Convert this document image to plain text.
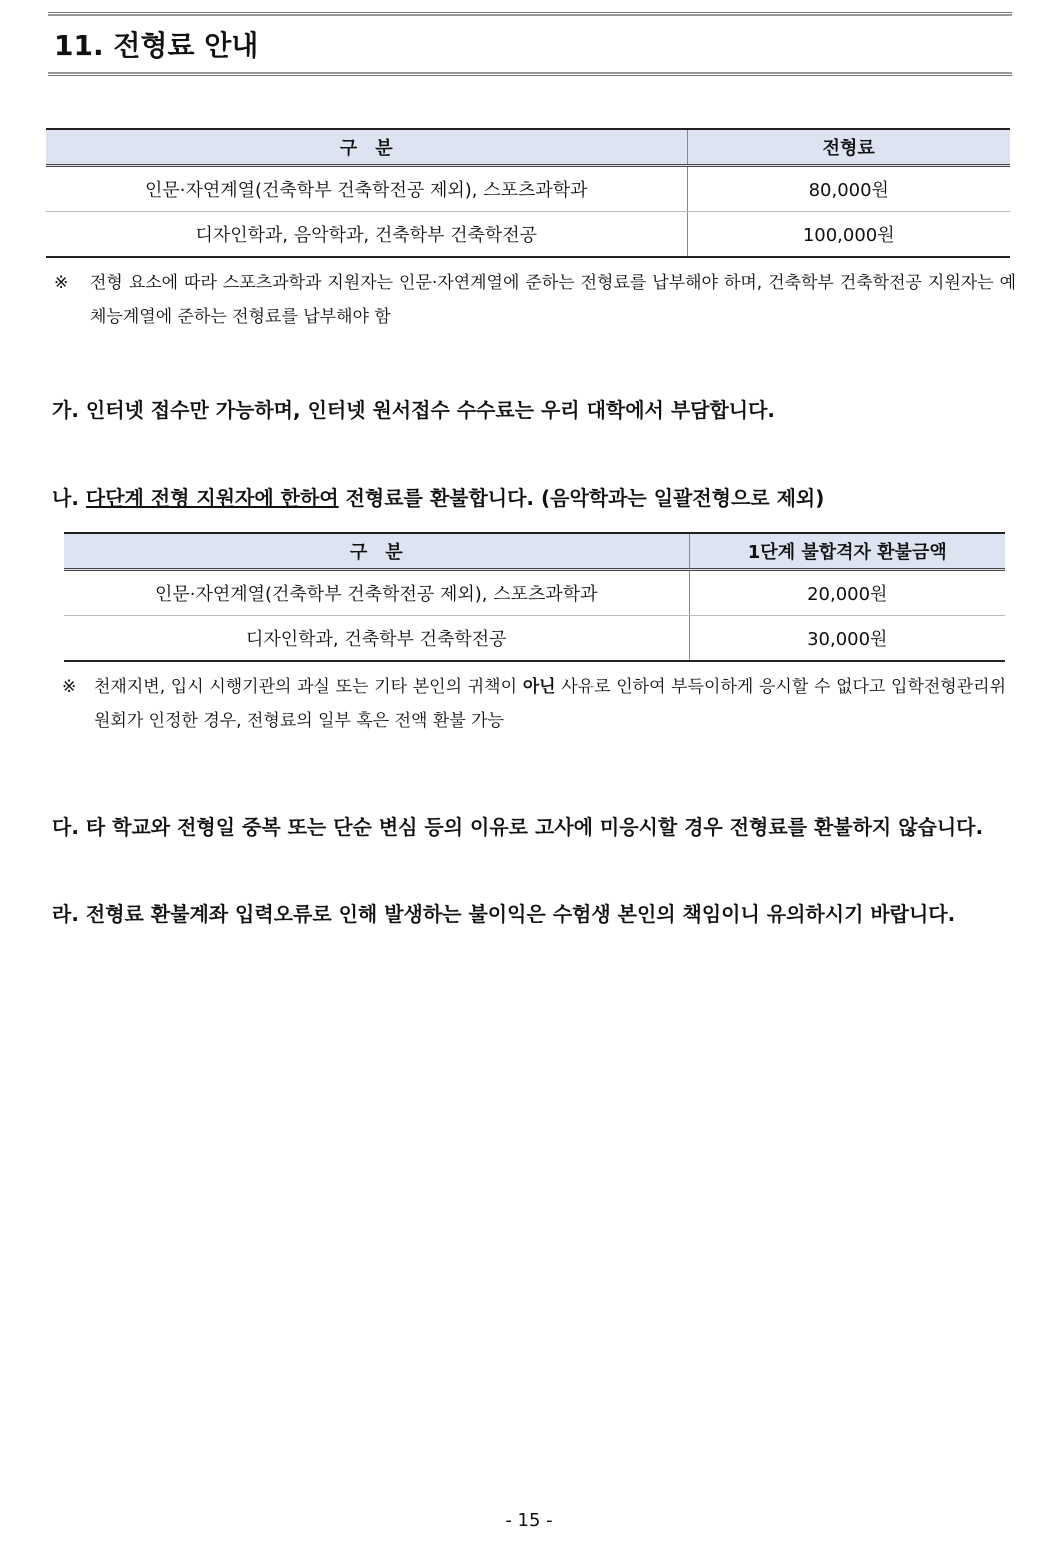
11. 전형료 안내
구　분	전형료
인문·자연계열(건축학부 건축학전공 제외), 스포츠과학과	80,000원
디자인학과, 음악학과, 건축학부 건축학전공	100,000원
※ 전형 요소에 따라 스포츠과학과 지원자는 인문·자연계열에 준하는 전형료를 납부해야 하며, 건축학부 건축학전공 지원자는 예체능계열에 준하는 전형료를 납부해야 함
가. 인터넷 접수만 가능하며, 인터넷 원서접수 수수료는 우리 대학에서 부담합니다.
나. 다단계 전형 지원자에 한하여 전형료를 환불합니다. (음악학과는 일괄전형으로 제외)
구　분	1단계 불합격자 환불금액
인문·자연계열(건축학부 건축학전공 제외), 스포츠과학과	20,000원
디자인학과, 건축학부 건축학전공	30,000원
※ 천재지변, 입시 시행기관의 과실 또는 기타 본인의 귀책이 아닌 사유로 인하여 부득이하게 응시할 수 없다고 입학전형관리위원회가 인정한 경우, 전형료의 일부 혹은 전액 환불 가능
다. 타 학교와 전형일 중복 또는 단순 변심 등의 이유로 고사에 미응시할 경우 전형료를 환불하지 않습니다.
라. 전형료 환불계좌 입력오류로 인해 발생하는 불이익은 수험생 본인의 책임이니 유의하시기 바랍니다.
- 15 -
